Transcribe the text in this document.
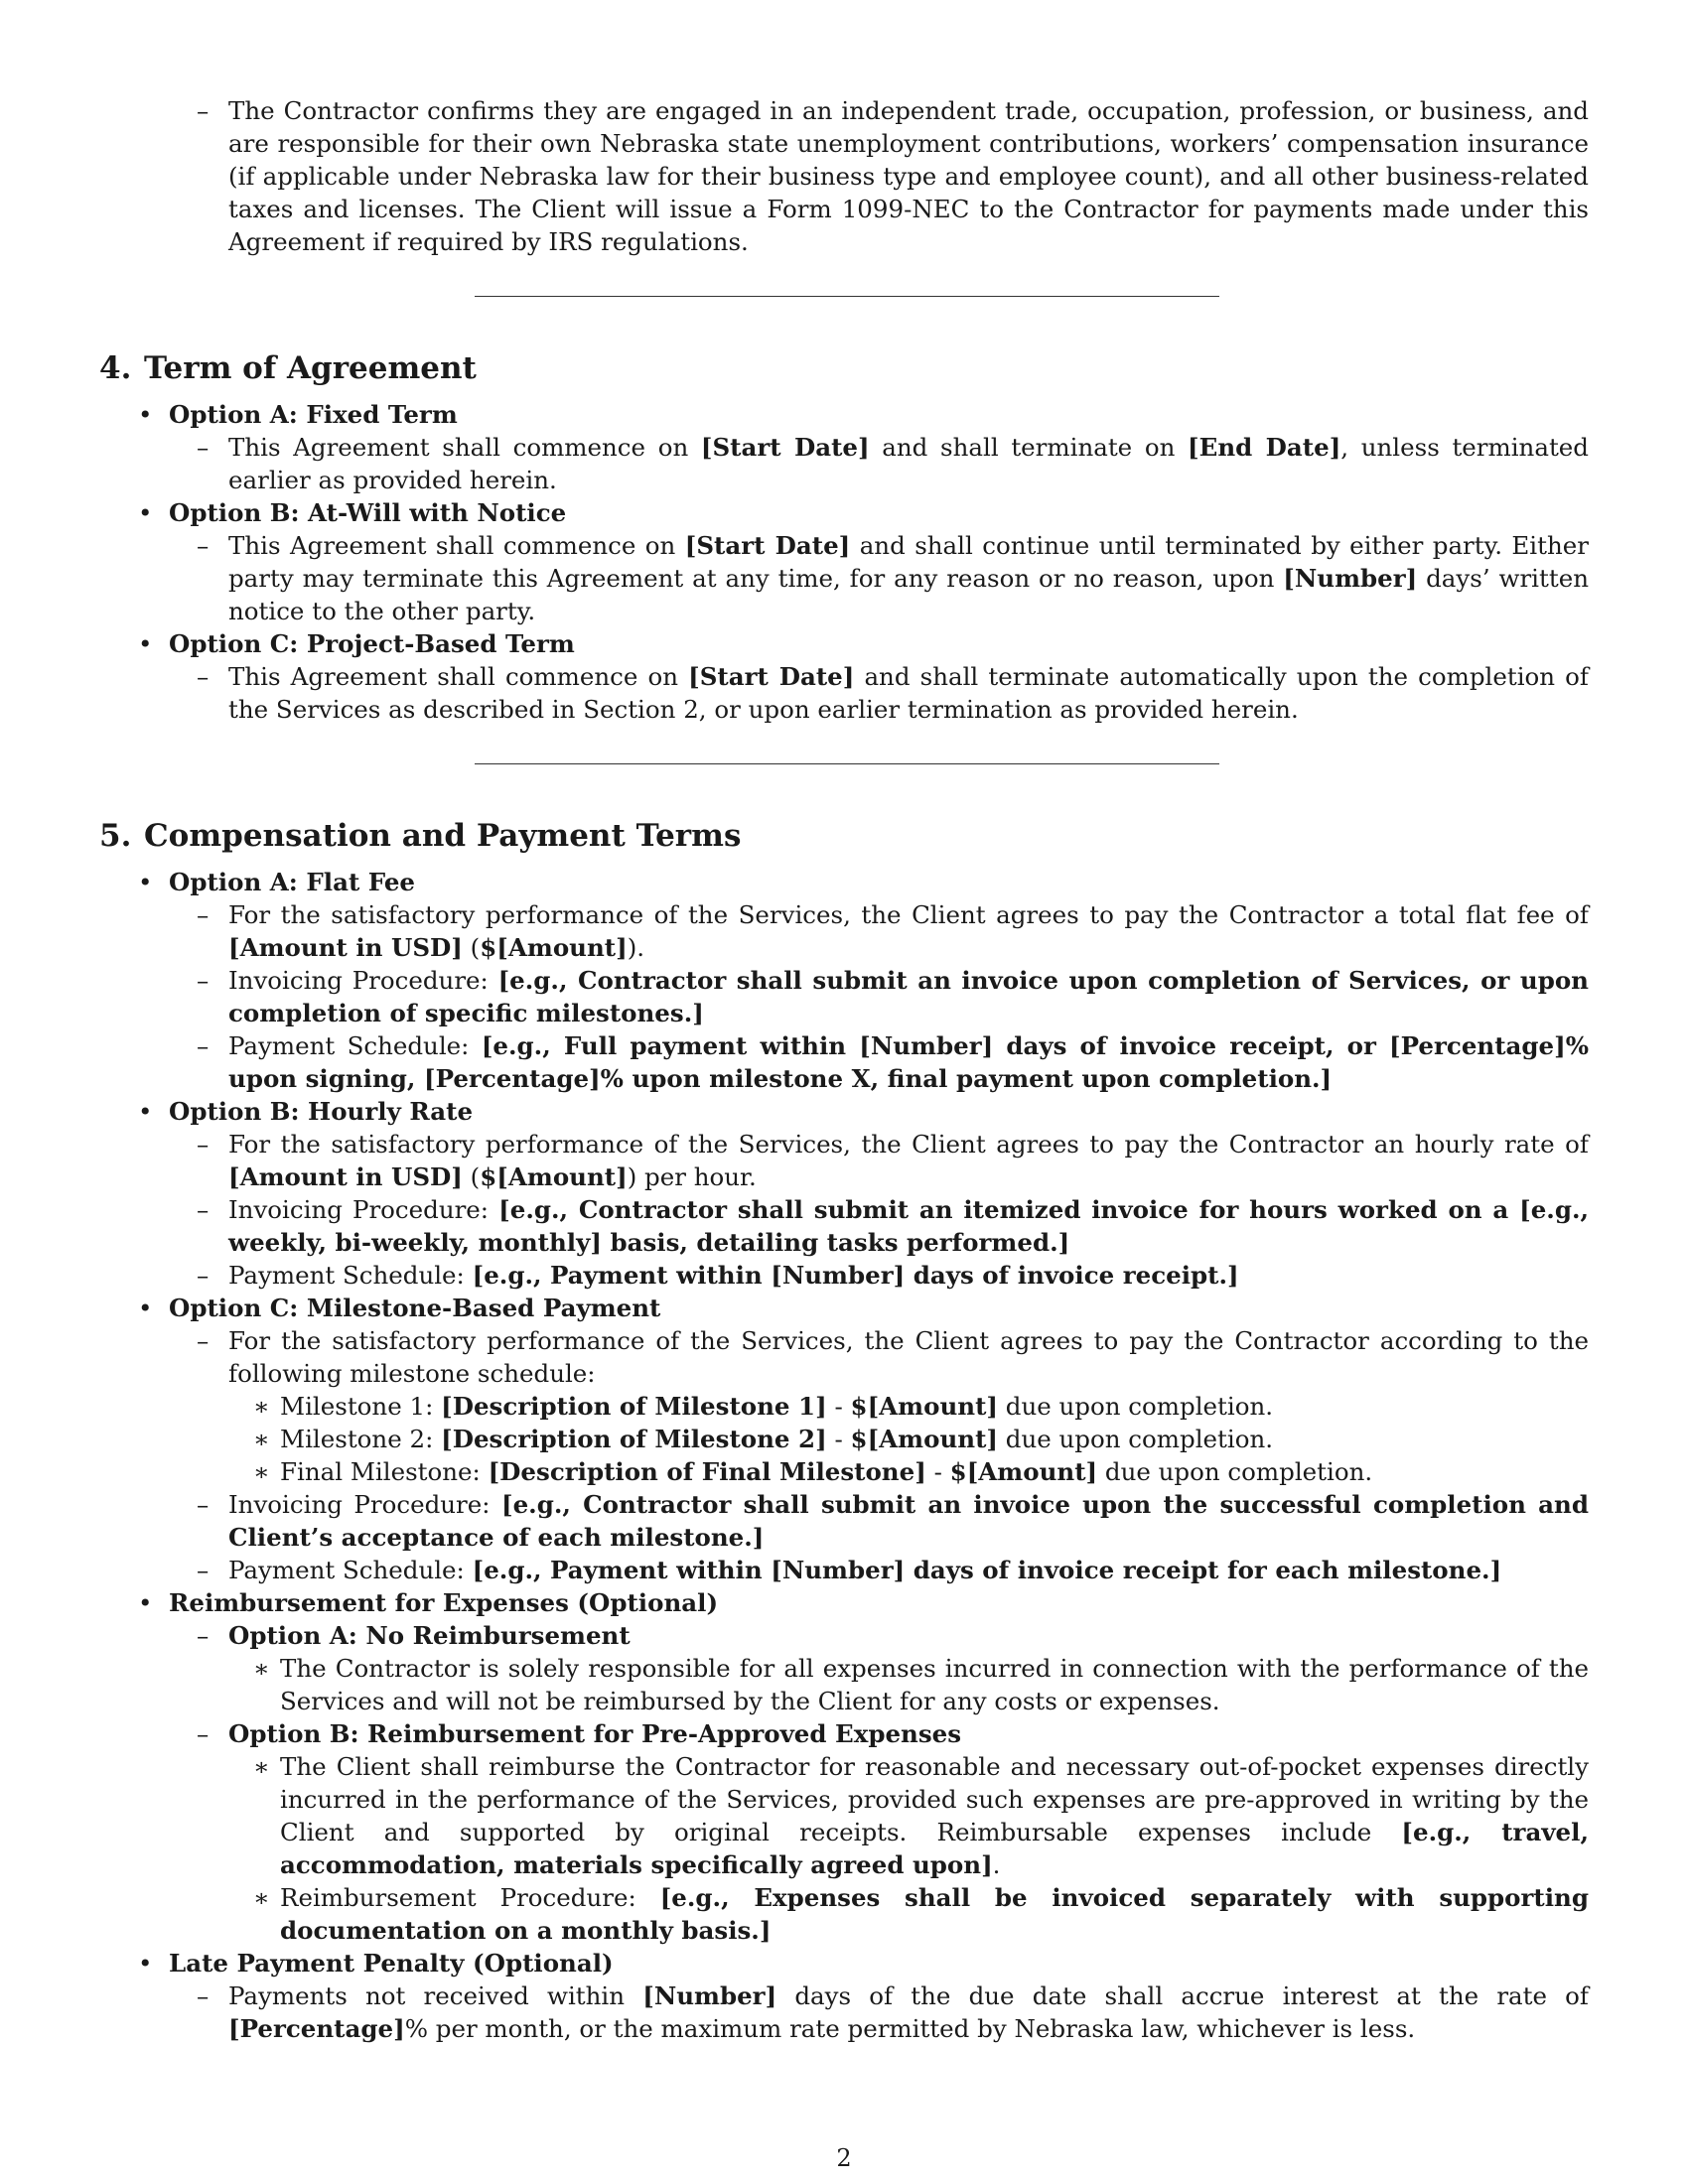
– The Contractor confirms they are engaged in an independent trade, occupation, profession, or business, and are responsible for their own Nebraska state unemployment contributions, workers’ compensation insurance (if applicable under Nebraska law for their business type and employee count), and all other business-related taxes and licenses. The Client will issue a Form 1099-NEC to the Contractor for payments made under this Agreement if required by IRS regulations.
4. Term of Agreement
• Option A: Fixed Term
– This Agreement shall commence on [Start Date] and shall terminate on [End Date], unless terminated earlier as provided herein.
• Option B: At-Will with Notice
– This Agreement shall commence on [Start Date] and shall continue until terminated by either party. Either party may terminate this Agreement at any time, for any reason or no reason, upon [Number] days’ written notice to the other party.
• Option C: Project-Based Term
– This Agreement shall commence on [Start Date] and shall terminate automatically upon the completion of the Services as described in Section 2, or upon earlier termination as provided herein.
5. Compensation and Payment Terms
• Option A: Flat Fee
– For the satisfactory performance of the Services, the Client agrees to pay the Contractor a total flat fee of [Amount in USD] ($[Amount]).
– Invoicing Procedure: [e.g., Contractor shall submit an invoice upon completion of Services, or upon completion of specific milestones.]
– Payment Schedule: [e.g., Full payment within [Number] days of invoice receipt, or [Percentage]% upon signing, [Percentage]% upon milestone X, final payment upon completion.]
• Option B: Hourly Rate
– For the satisfactory performance of the Services, the Client agrees to pay the Contractor an hourly rate of [Amount in USD] ($[Amount]) per hour.
– Invoicing Procedure: [e.g., Contractor shall submit an itemized invoice for hours worked on a [e.g., weekly, bi-weekly, monthly] basis, detailing tasks performed.]
– Payment Schedule: [e.g., Payment within [Number] days of invoice receipt.]
• Option C: Milestone-Based Payment
– For the satisfactory performance of the Services, the Client agrees to pay the Contractor according to the following milestone schedule:
∗ Milestone 1: [Description of Milestone 1] - $[Amount] due upon completion.
∗ Milestone 2: [Description of Milestone 2] - $[Amount] due upon completion.
∗ Final Milestone: [Description of Final Milestone] - $[Amount] due upon completion.
– Invoicing Procedure: [e.g., Contractor shall submit an invoice upon the successful completion and Client’s acceptance of each milestone.]
– Payment Schedule: [e.g., Payment within [Number] days of invoice receipt for each milestone.]
• Reimbursement for Expenses (Optional)
– Option A: No Reimbursement
∗ The Contractor is solely responsible for all expenses incurred in connection with the performance of the Services and will not be reimbursed by the Client for any costs or expenses.
– Option B: Reimbursement for Pre-Approved Expenses
∗ The Client shall reimburse the Contractor for reasonable and necessary out-of-pocket expenses directly incurred in the performance of the Services, provided such expenses are pre-approved in writing by the Client and supported by original receipts. Reimbursable expenses include [e.g., travel, accommodation, materials specifically agreed upon].
∗ Reimbursement Procedure: [e.g., Expenses shall be invoiced separately with supporting documentation on a monthly basis.]
• Late Payment Penalty (Optional)
– Payments not received within [Number] days of the due date shall accrue interest at the rate of [Percentage]% per month, or the maximum rate permitted by Nebraska law, whichever is less.
2
